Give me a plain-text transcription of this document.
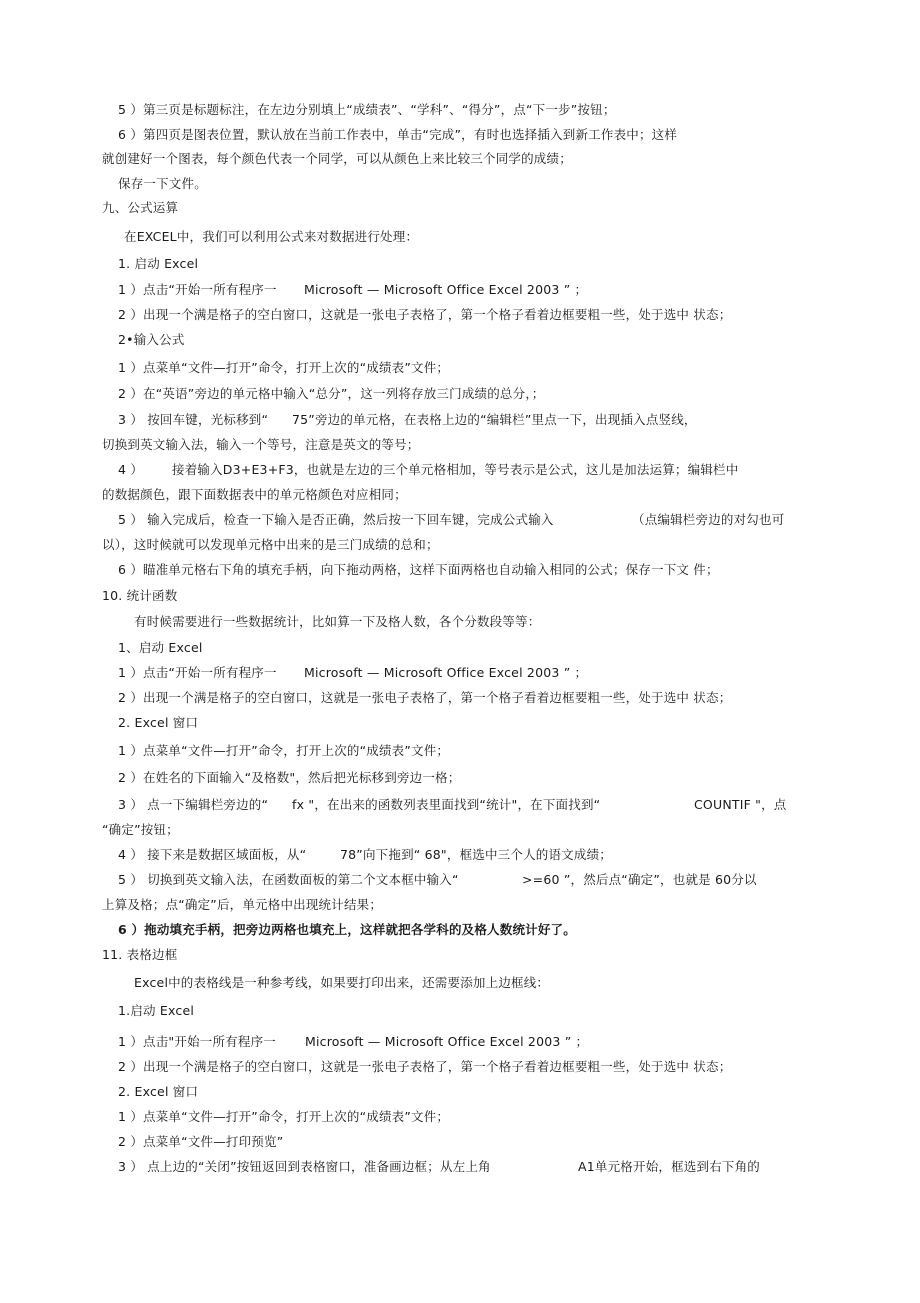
5 ）第三页是标题标注，在左边分别填上“成绩表”、“学科”、“得分”，点“下一步”按钮；
6 ）第四页是图表位置，默认放在当前工作表中，单击“完成”，有时也选择插入到新工作表中；这样
就创建好一个图表，每个颜色代表一个同学，可以从颜色上来比较三个同学的成绩；
保存一下文件。
九、公式运算
在EXCEL中，我们可以利用公式来对数据进行处理：
1. 启动 Excel
1 ）点击“开始一所有程序一 Microsoft — Microsoft Office Excel 2003 ” ；
2 ）出现一个满是格子的空白窗口，这就是一张电子表格了，第一个格子看着边框要粗一些，处于选中 状态；
2•输入公式
1 ）点菜单“文件—打开”命令，打开上次的“成绩表”文件；
2 ）在“英语”旁边的单元格中输入“总分”，这一列将存放三门成绩的总分，；
3 ） 按回车键，光标移到“ 75”旁边的单元格，在表格上边的“编辑栏”里点一下，出现插入点竖线，
切换到英文输入法，输入一个等号，注意是英文的等号；
4 ） 接着输入D3+E3+F3，也就是左边的三个单元格相加，等号表示是公式，这儿是加法运算；编辑栏中
的数据颜色，跟下面数据表中的单元格颜色对应相同；
5 ） 输入完成后，检查一下输入是否正确，然后按一下回车键，完成公式输入	（点编辑栏旁边的对勾也可
以），这时候就可以发现单元格中出来的是三门成绩的总和；
6 ）瞄准单元格右下角的填充手柄，向下拖动两格，这样下面两格也自动输入相同的公式；保存一下文 件；
10. 统计函数
有时候需要进行一些数据统计，比如算一下及格人数，各个分数段等等：
1、启动 Excel
1 ）点击“开始一所有程序一 Microsoft — Microsoft Office Excel 2003 ” ；
2 ）出现一个满是格子的空白窗口，这就是一张电子表格了，第一个格子看着边框要粗一些，处于选中 状态；
2. Excel 窗口
1 ）点菜单“文件—打开”命令，打开上次的“成绩表”文件；
2 ）在姓名的下面输入“及格数"，然后把光标移到旁边一格；
3 ） 点一下编辑栏旁边的“ fx "，在出来的函数列表里面找到“统计"，在下面找到“	COUNTIF "，点
“确定”按钮；
4 ） 接下来是数据区域面板，从“	78”向下拖到“ 68"，框选中三个人的语文成绩；
5 ） 切换到英文输入法，在函数面板的第二个文本框中输入“	>=60 ”，然后点“确定”，也就是 60分以
上算及格；点“确定”后，单元格中出现统计结果；
6 ）拖动填充手柄，把旁边两格也填充上，这样就把各学科的及格人数统计好了。
11. 表格边框
Excel中的表格线是一种参考线，如果要打印出来，还需要添加上边框线：
1.启动 Excel
1 ）点击"开始一所有程序一 Microsoft — Microsoft Office Excel 2003 ” ；
2 ）出现一个满是格子的空白窗口，这就是一张电子表格了，第一个格子看着边框要粗一些，处于选中 状态；
2. Excel 窗口
1 ）点菜单“文件—打开”命令，打开上次的“成绩表”文件；
2 ）点菜单“文件—打印预览”
3 ） 点上边的“关闭”按钮返回到表格窗口，准备画边框；从左上角	A1单元格开始，框选到右下角的
